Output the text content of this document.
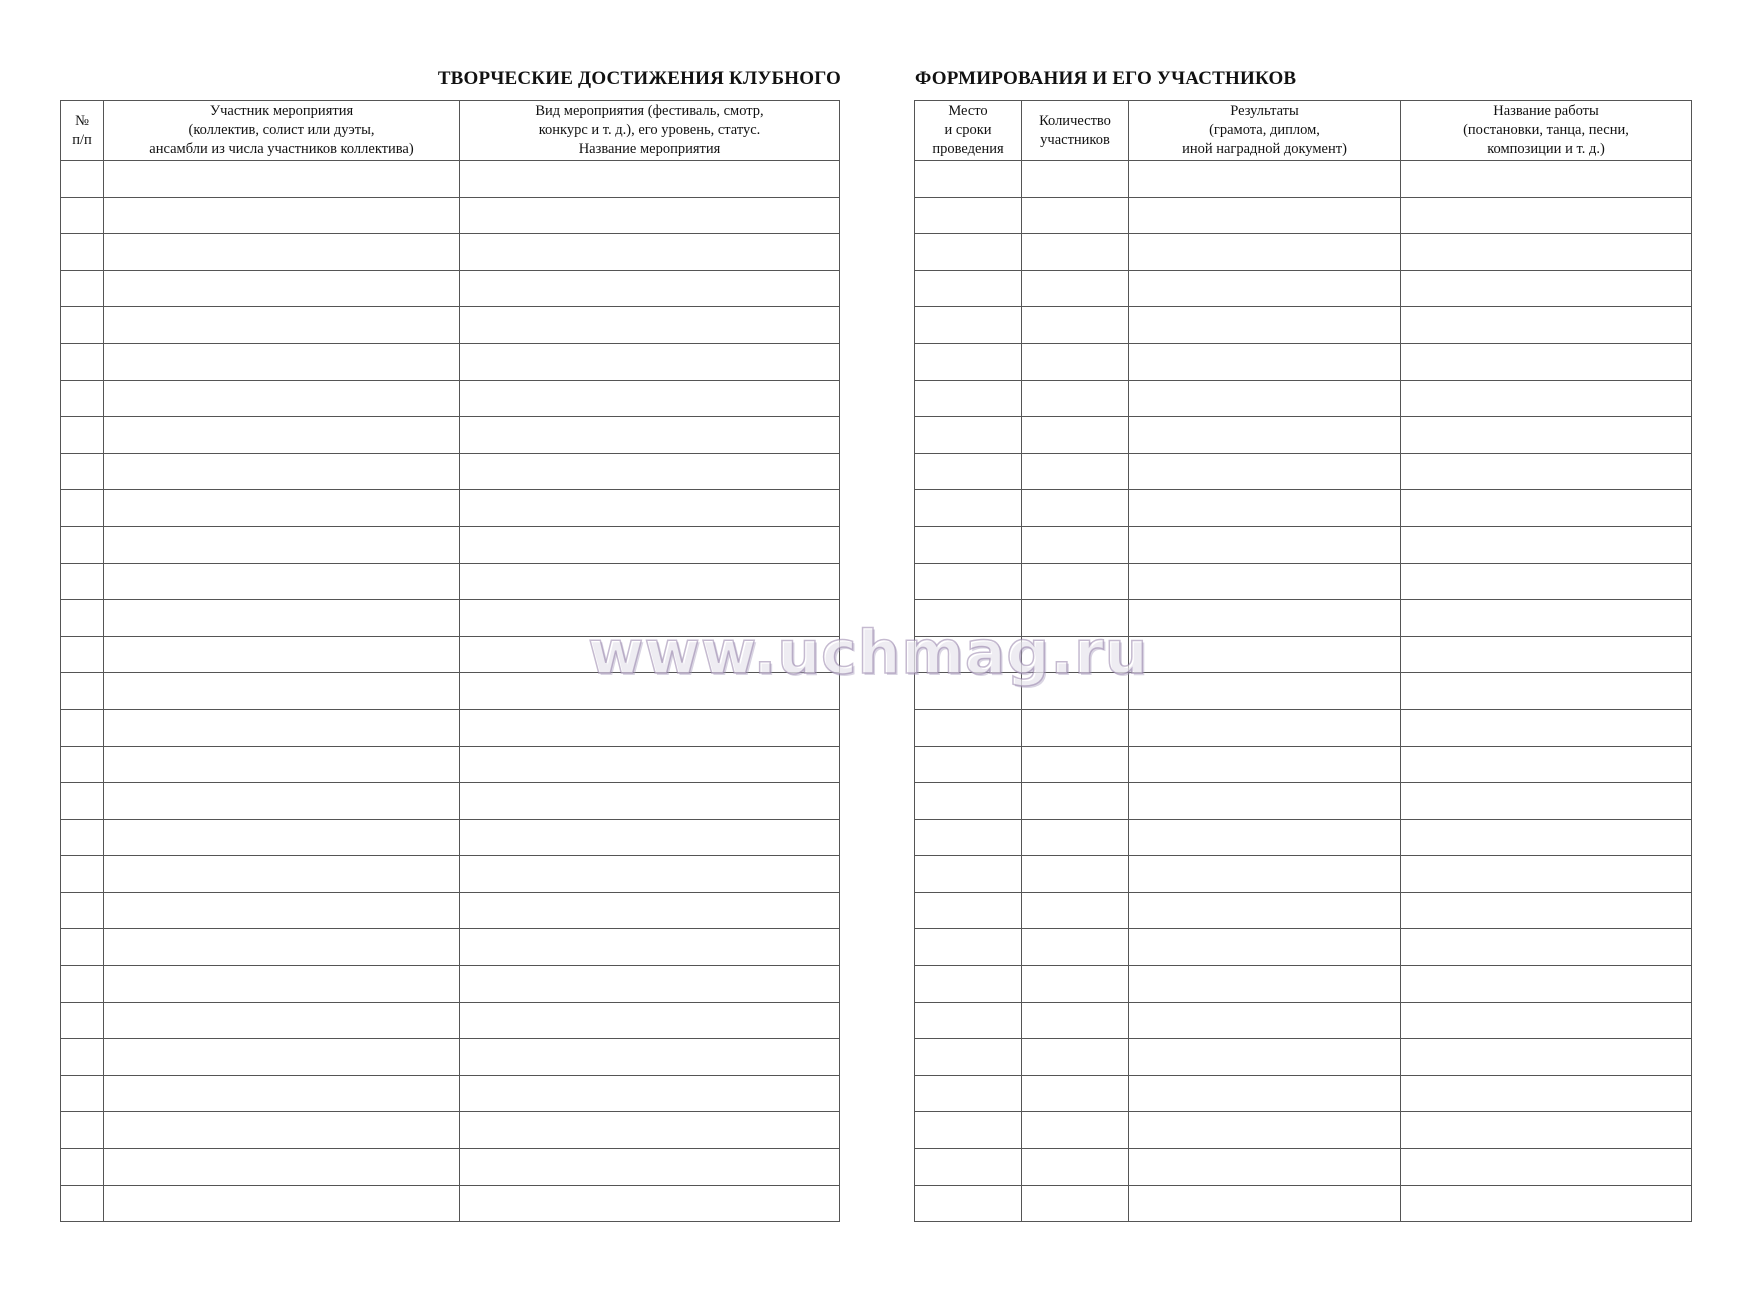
ТВОРЧЕСКИЕ ДОСТИЖЕНИЯ КЛУБНОГО	ФОРМИРОВАНИЯ И ЕГО УЧАСТНИКОВ
№
п/п	Участник мероприятия
(коллектив, солист или дуэты,
ансамбли из числа участников коллектива)	Вид мероприятия (фестиваль, смотр,
конкурс и т. д.), его уровень, статус.
Название мероприятия

Место
и сроки
проведения	Количество
участников	Результаты
(грамота, диплом,
иной наградной документ)	Название работы
(постановки, танца, песни,
композиции и т. д.)

www.uchmag.ru
